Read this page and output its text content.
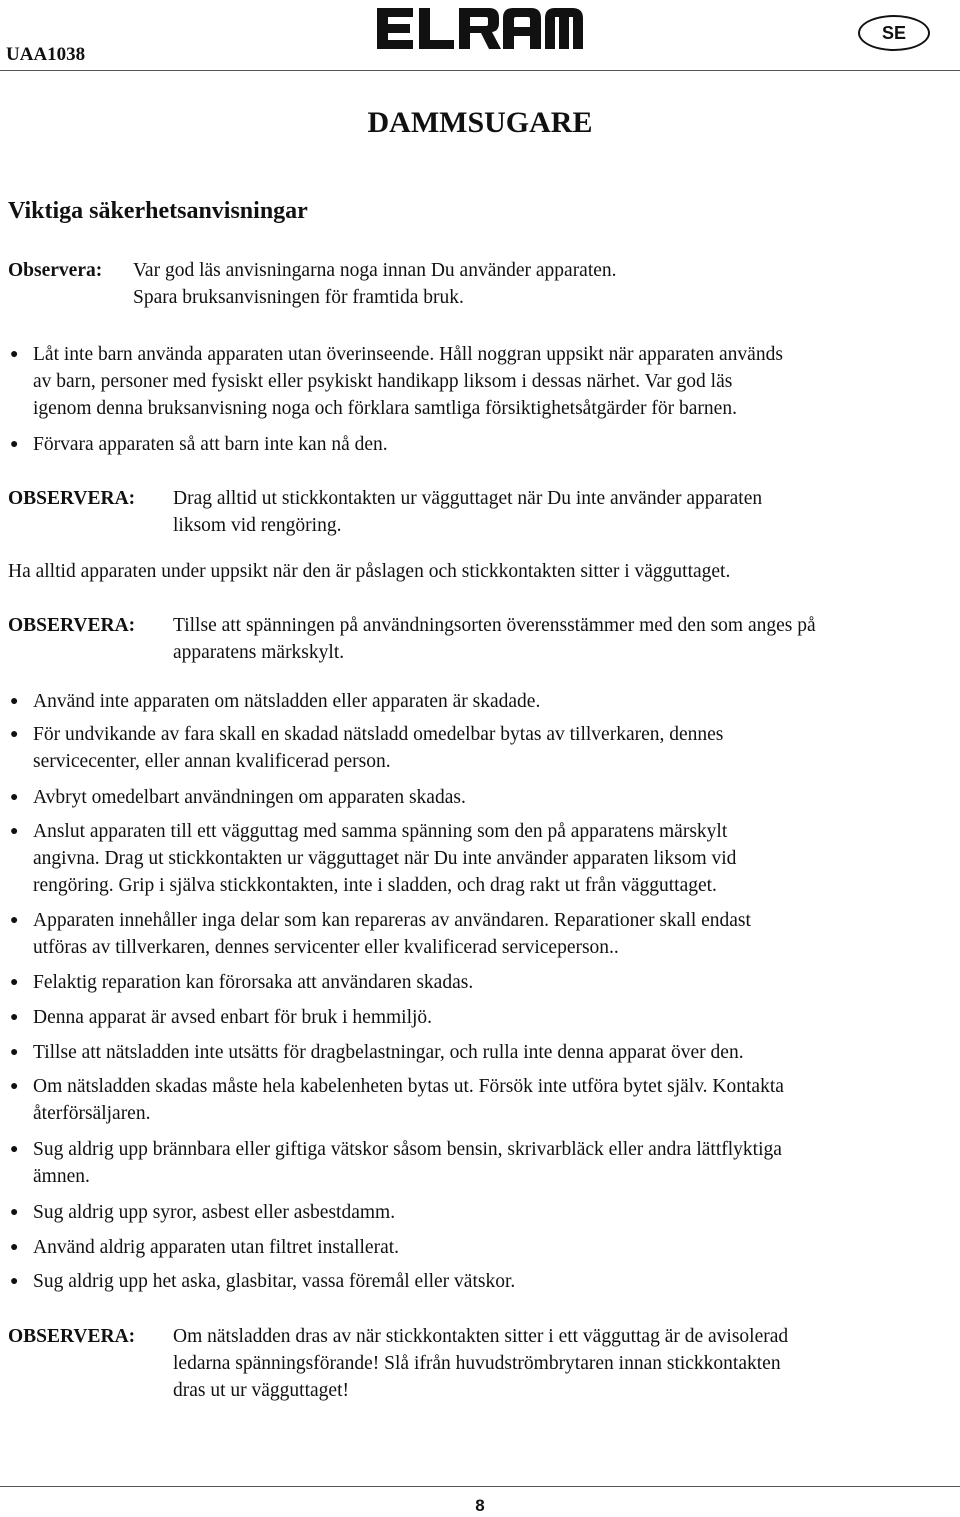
UAA1038
SE
DAMMSUGARE
Viktiga säkerhetsanvisningar
Observera: Var god läs anvisningarna noga innan Du använder apparaten.
Spara bruksanvisningen för framtida bruk.
● Låt inte barn använda apparaten utan överinseende. Håll noggran uppsikt när apparaten används
av barn, personer med fysiskt eller psykiskt handikapp liksom i dessas närhet. Var god läs
igenom denna bruksanvisning noga och förklara samtliga försiktighetsåtgärder för barnen.
● Förvara apparaten så att barn inte kan nå den.
OBSERVERA: Drag alltid ut stickkontakten ur vägguttaget när Du inte använder apparaten
liksom vid rengöring.
Ha alltid apparaten under uppsikt när den är påslagen och stickkontakten sitter i vägguttaget.
OBSERVERA: Tillse att spänningen på användningsorten överensstämmer med den som anges på
apparatens märkskylt.
● Använd inte apparaten om nätsladden eller apparaten är skadade.
● För undvikande av fara skall en skadad nätsladd omedelbar bytas av tillverkaren, dennes
servicecenter, eller annan kvalificerad person.
● Avbryt omedelbart användningen om apparaten skadas.
● Anslut apparaten till ett vägguttag med samma spänning som den på apparatens märskylt
angivna. Drag ut stickkontakten ur vägguttaget när Du inte använder apparaten liksom vid
rengöring. Grip i själva stickkontakten, inte i sladden, och drag rakt ut från vägguttaget.
● Apparaten innehåller inga delar som kan repareras av användaren. Reparationer skall endast
utföras av tillverkaren, dennes servicenter eller kvalificerad serviceperson..
● Felaktig reparation kan förorsaka att användaren skadas.
● Denna apparat är avsed enbart för bruk i hemmiljö.
● Tillse att nätsladden inte utsätts för dragbelastningar, och rulla inte denna apparat över den.
● Om nätsladden skadas måste hela kabelenheten bytas ut. Försök inte utföra bytet själv. Kontakta
återförsäljaren.
● Sug aldrig upp brännbara eller giftiga vätskor såsom bensin, skrivarbläck eller andra lättflyktiga
ämnen.
● Sug aldrig upp syror, asbest eller asbestdamm.
● Använd aldrig apparaten utan filtret installerat.
● Sug aldrig upp het aska, glasbitar, vassa föremål eller vätskor.
OBSERVERA: Om nätsladden dras av när stickkontakten sitter i ett vägguttag är de avisolerad
ledarna spänningsförande! Slå ifrån huvudströmbrytaren innan stickkontakten
dras ut ur vägguttaget!
8
